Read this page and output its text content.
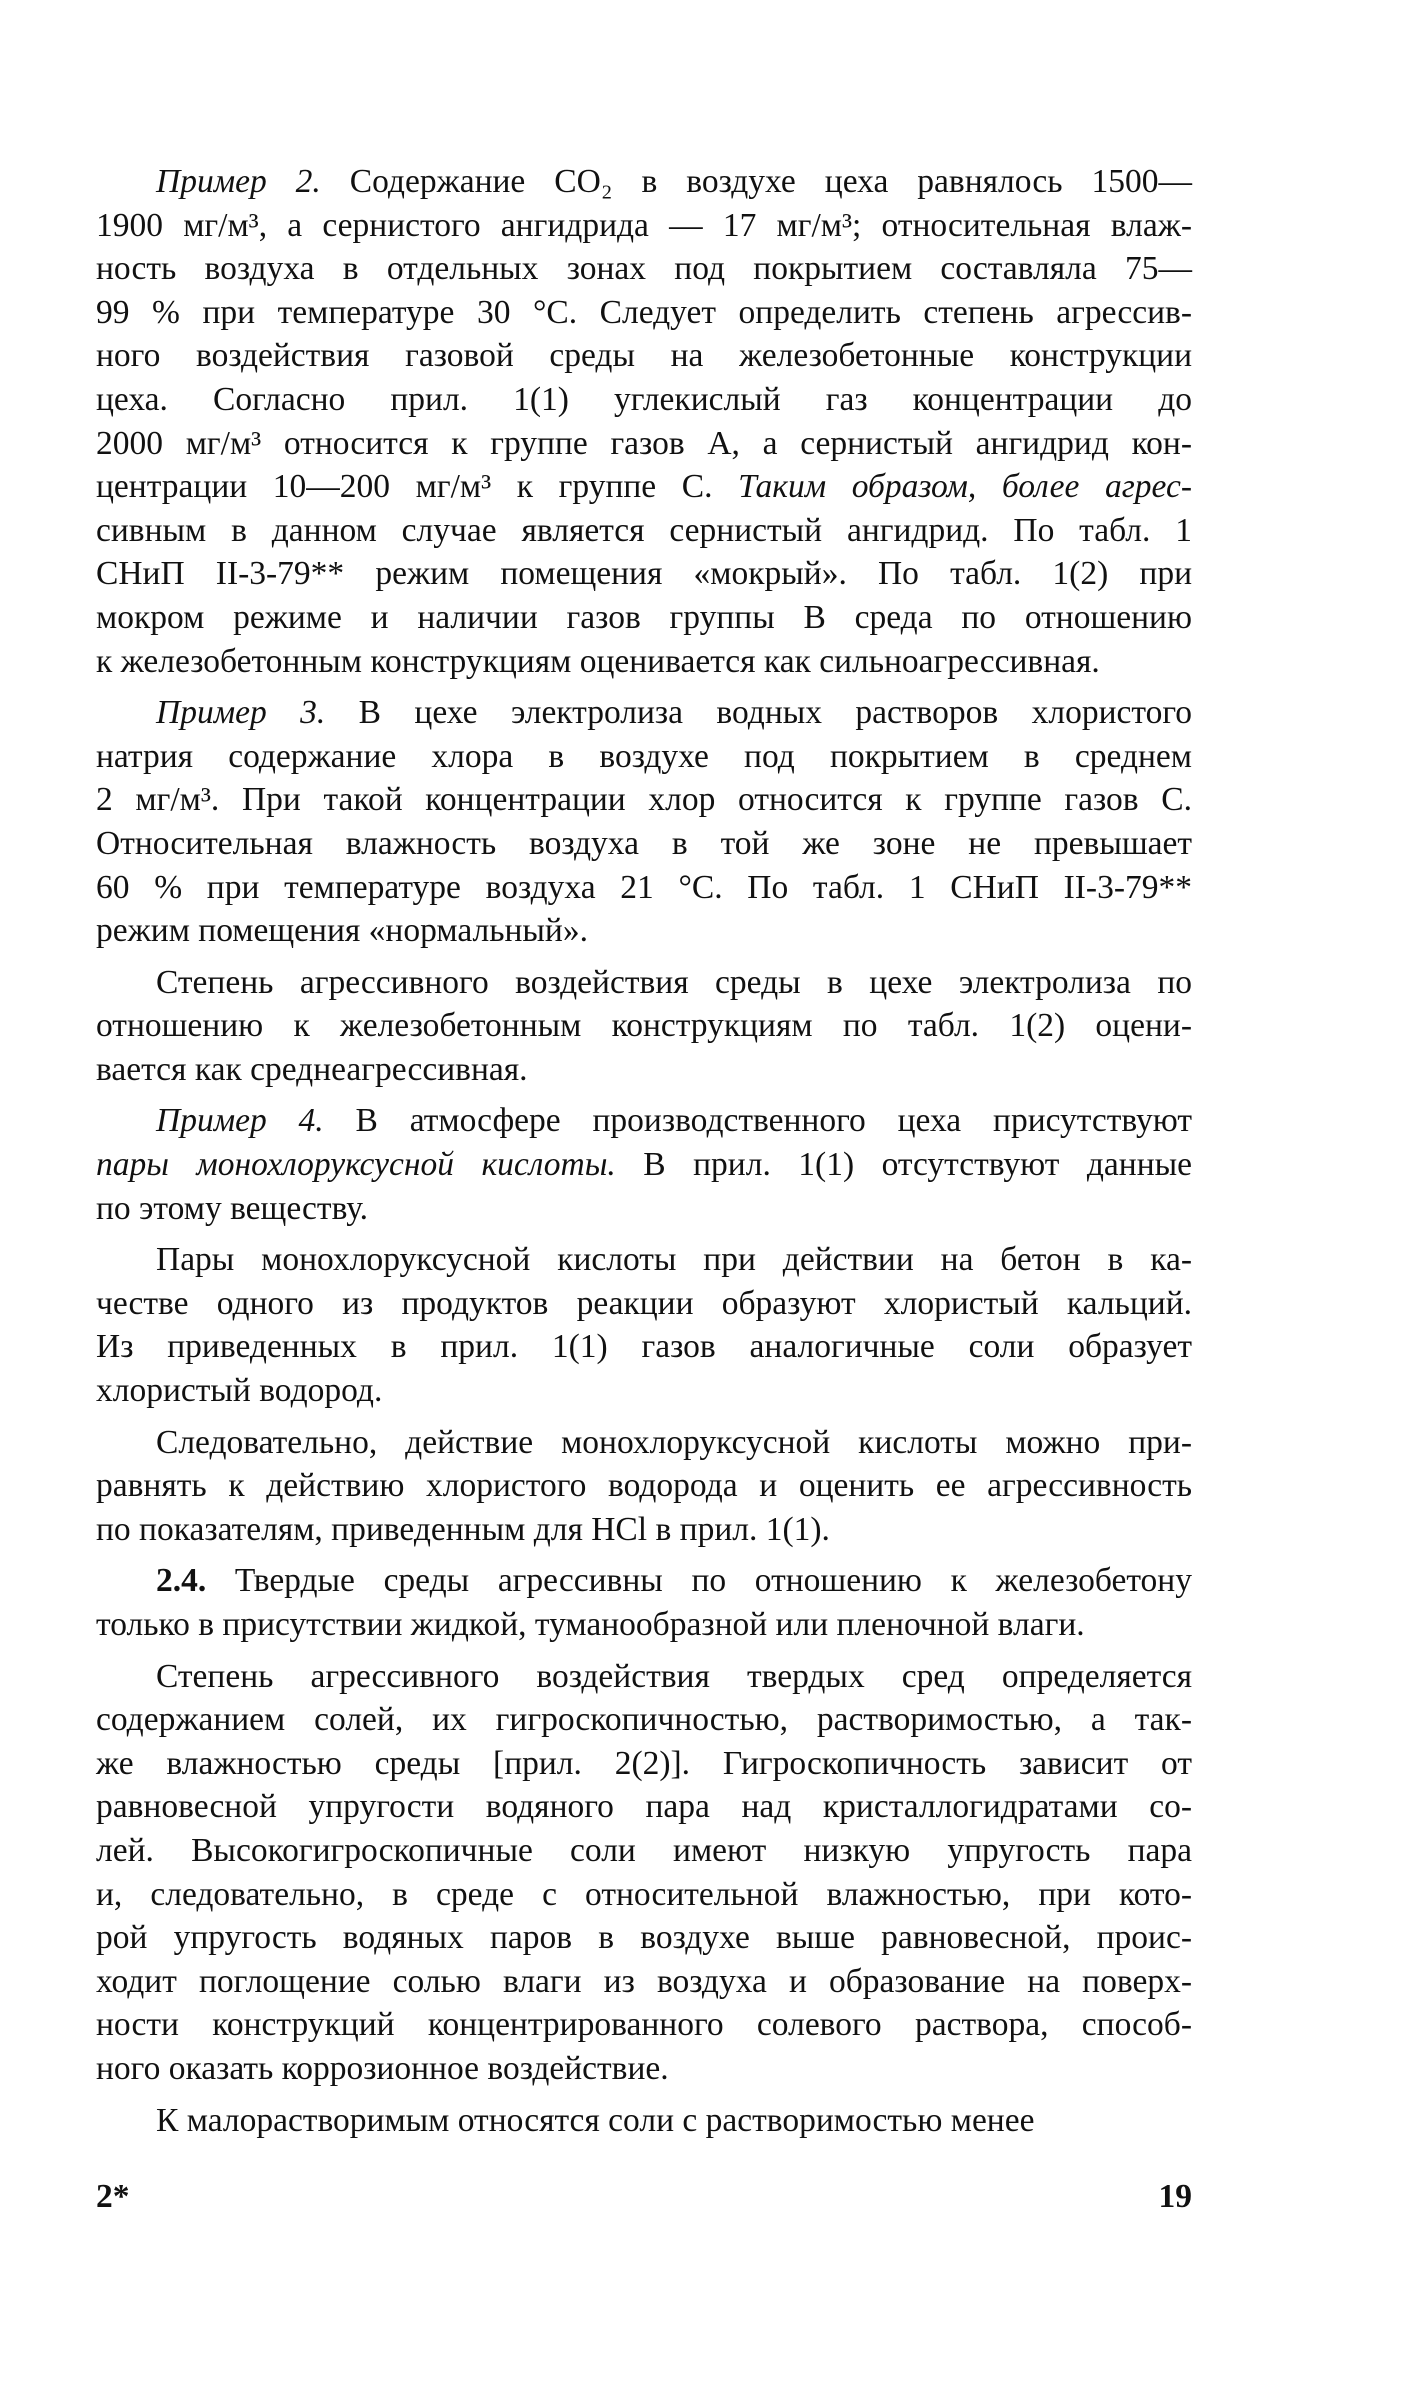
Пример 2. Содержание CO₂ в воздухе цеха равнялось 1500—
1900 мг/м³, а сернистого ангидрида — 17 мг/м³; относительная влаж-
ность воздуха в отдельных зонах под покрытием составляла 75—
99 % при температуре 30 °С. Следует определить степень агрессив-
ного воздействия газовой среды на железобетонные конструкции
цеха. Согласно прил. 1(1) углекислый газ концентрации до
2000 мг/м³ относится к группе газов А, а сернистый ангидрид кон-
центрации 10—200 мг/м³ к группе С. Таким образом, более агрес-
сивным в данном случае является сернистый ангидрид. По табл. 1
СНиП II-3-79** режим помещения «мокрый». По табл. 1(2) при
мокром режиме и наличии газов группы В среда по отношению
к железобетонным конструкциям оценивается как сильноагрессивная.
Пример 3. В цехе электролиза водных растворов хлористого
натрия содержание хлора в воздухе под покрытием в среднем
2 мг/м³. При такой концентрации хлор относится к группе газов С.
Относительная влажность воздуха в той же зоне не превышает
60 % при температуре воздуха 21 °С. По табл. 1 СНиП II-3-79**
режим помещения «нормальный».
Степень агрессивного воздействия среды в цехе электролиза по
отношению к железобетонным конструкциям по табл. 1(2) оцени-
вается как среднеагрессивная.
Пример 4. В атмосфере производственного цеха присутствуют
пары монохлоруксусной кислоты. В прил. 1(1) отсутствуют данные
по этому веществу.
Пары монохлоруксусной кислоты при действии на бетон в ка-
честве одного из продуктов реакции образуют хлористый кальций.
Из приведенных в прил. 1(1) газов аналогичные соли образует
хлористый водород.
Следовательно, действие монохлоруксусной кислоты можно при-
равнять к действию хлористого водорода и оценить ее агрессивность
по показателям, приведенным для HCl в прил. 1(1).
2.4. Твердые среды агрессивны по отношению к железобетону
только в присутствии жидкой, туманообразной или пленочной влаги.
Степень агрессивного воздействия твердых сред определяется
содержанием солей, их гигроскопичностью, растворимостью, а так-
же влажностью среды [прил. 2(2)]. Гигроскопичность зависит от
равновесной упругости водяного пара над кристаллогидратами со-
лей. Высокогигроскопичные соли имеют низкую упругость пара
и, следовательно, в среде с относительной влажностью, при кото-
рой упругость водяных паров в воздухе выше равновесной, проис-
ходит поглощение солью влаги из воздуха и образование на поверх-
ности конструкций концентрированного солевого раствора, способ-
ного оказать коррозионное воздействие.
К малорастворимым относятся соли с растворимостью менее
2*	19
